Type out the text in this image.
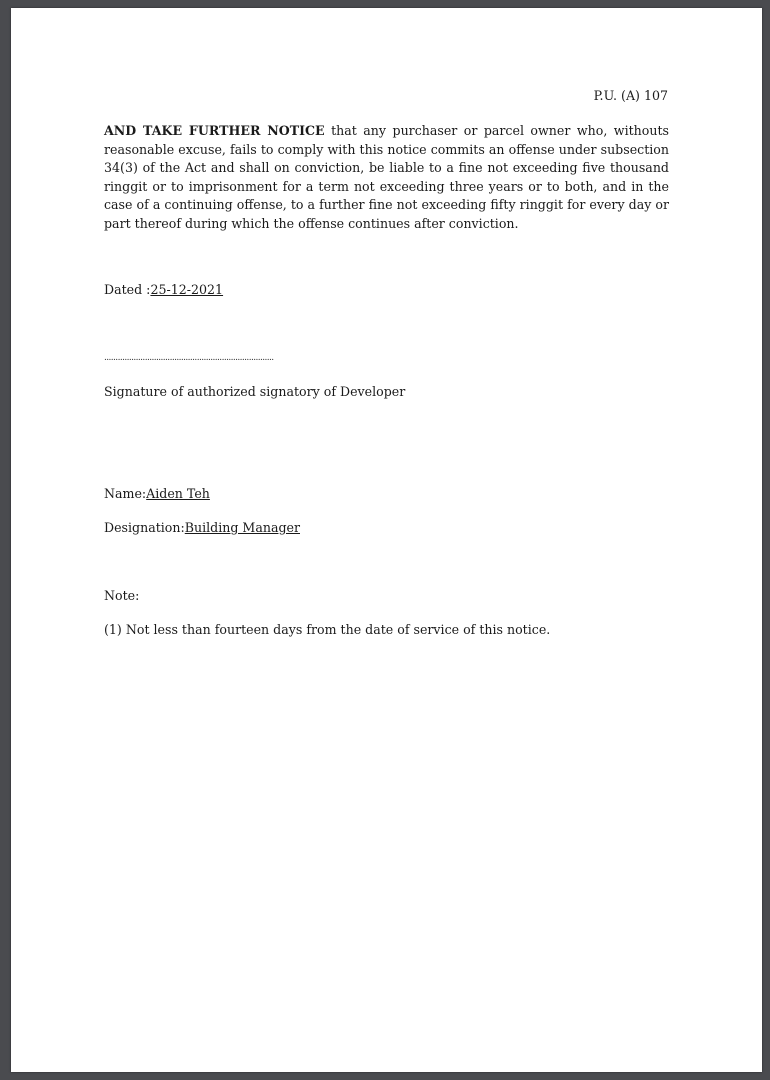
P.U. (A) 107
AND TAKE FURTHER NOTICE that any purchaser or parcel owner who, withouts reasonable excuse, fails to comply with this notice commits an offense under subsection 34(3) of the Act and shall on conviction, be liable to a fine not exceeding five thousand ringgit or to imprisonment for a term not exceeding three years or to both, and in the case of a continuing offense, to a further fine not exceeding fifty ringgit for every day or part thereof during which the offense continues after conviction.
Dated :25-12-2021
...........................................................................
Signature of authorized signatory of Developer
Name:Aiden Teh
Designation:Building Manager
Note:
(1) Not less than fourteen days from the date of service of this notice.
